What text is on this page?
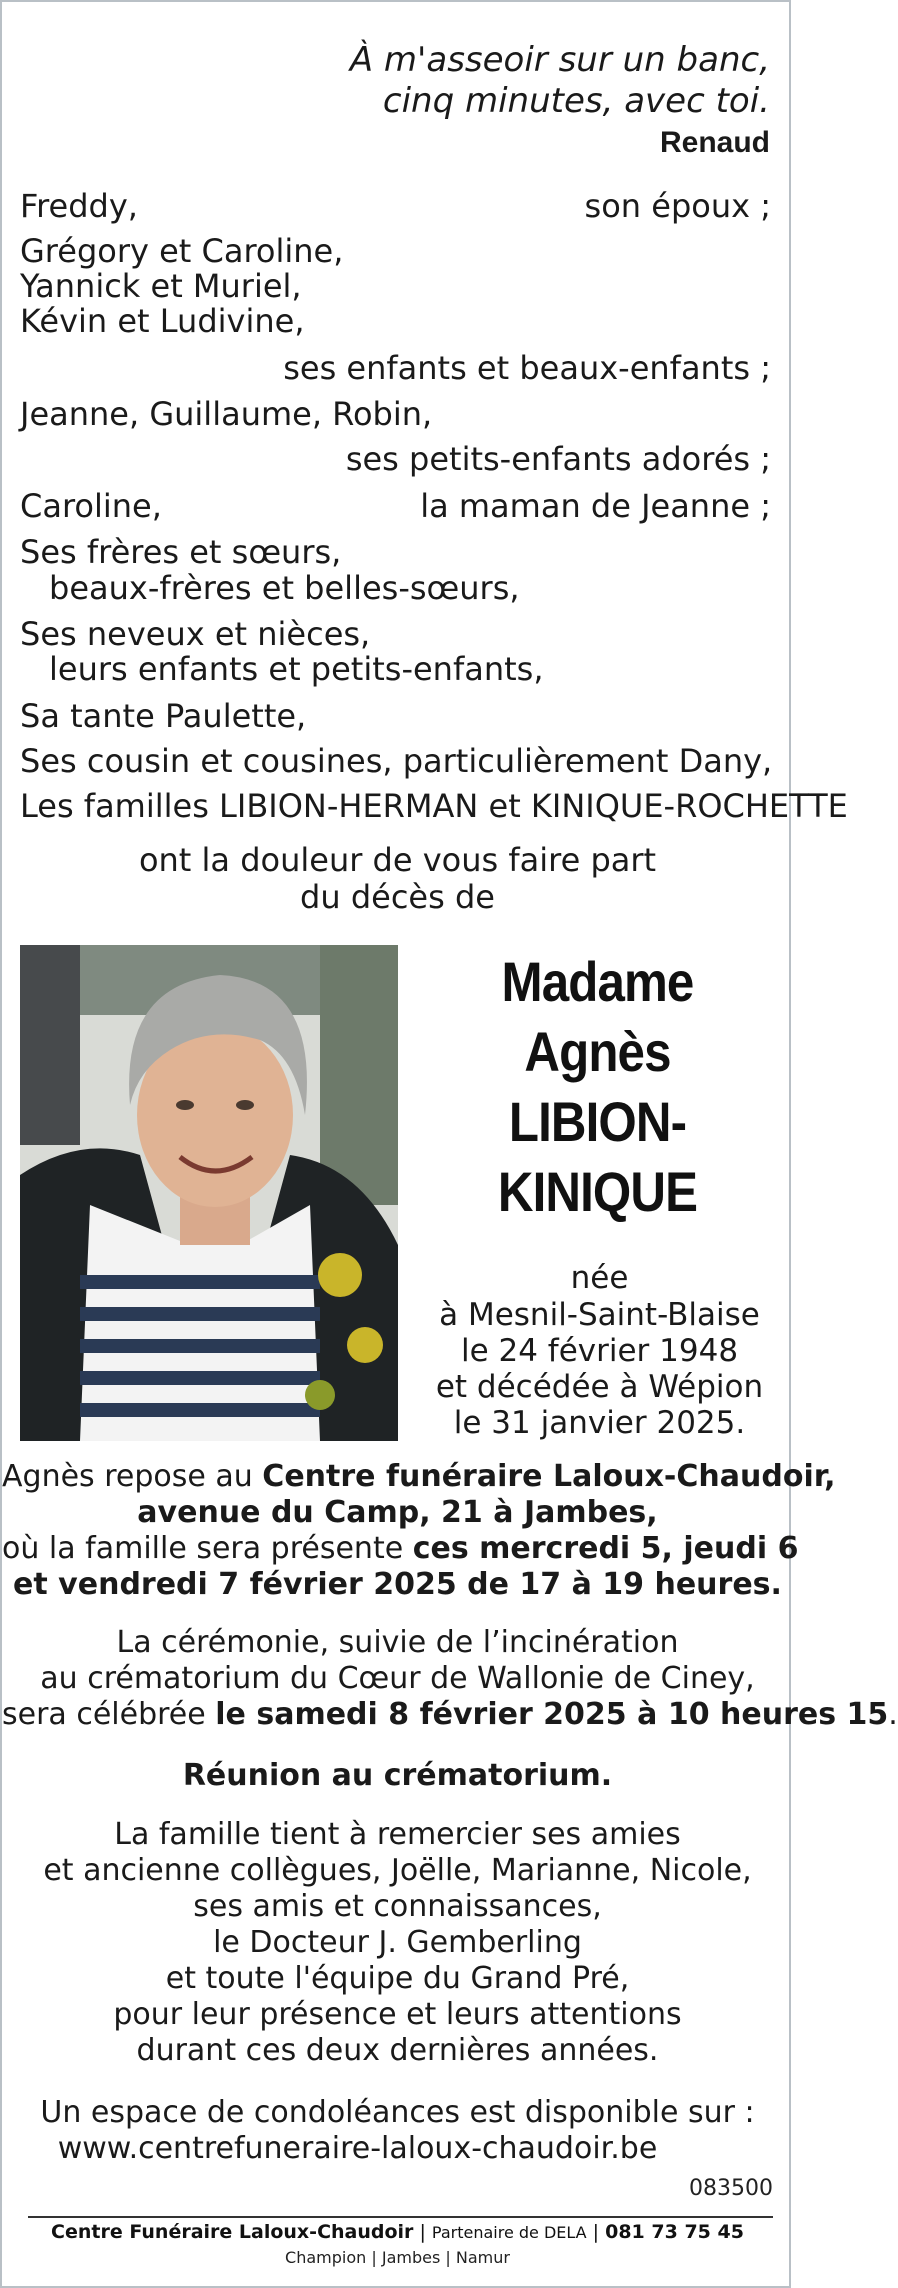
À m'asseoir sur un banc,
cinq minutes, avec toi.
Renaud
Freddy,	son époux ;
Grégory et Caroline,
Yannick et Muriel,
Kévin et Ludivine,
ses enfants et beaux-enfants ;
Jeanne, Guillaume, Robin,
ses petits-enfants adorés ;
Caroline,	la maman de Jeanne ;
Ses frères et sœurs,
beaux-frères et belles-sœurs,
Ses neveux et nièces,
leurs enfants et petits-enfants,
Sa tante Paulette,
Ses cousin et cousines, particulièrement Dany,
Les familles LIBION-HERMAN et KINIQUE-ROCHETTE
ont la douleur de vous faire part
du décès de
Madame
Agnès
LIBION-
KINIQUE
née
à Mesnil-Saint-Blaise
le 24 février 1948
et décédée à Wépion
le 31 janvier 2025.
Agnès repose au Centre funéraire Laloux-Chaudoir,
avenue du Camp, 21 à Jambes,
où la famille sera présente ces mercredi 5, jeudi 6
et vendredi 7 février 2025 de 17 à 19 heures.
La cérémonie, suivie de l’incinération
au crématorium du Cœur de Wallonie de Ciney,
sera célébrée le samedi 8 février 2025 à 10 heures 15.
Réunion au crématorium.
La famille tient à remercier ses amies
et ancienne collègues, Joëlle, Marianne, Nicole,
ses amis et connaissances,
le Docteur J. Gemberling
et toute l'équipe du Grand Pré,
pour leur présence et leurs attentions
durant ces deux dernières années.
Un espace de condoléances est disponible sur :
www.centrefuneraire-laloux-chaudoir.be
083500
Centre Funéraire Laloux-Chaudoir | Partenaire de DELA | 081 73 75 45
Champion | Jambes | Namur
